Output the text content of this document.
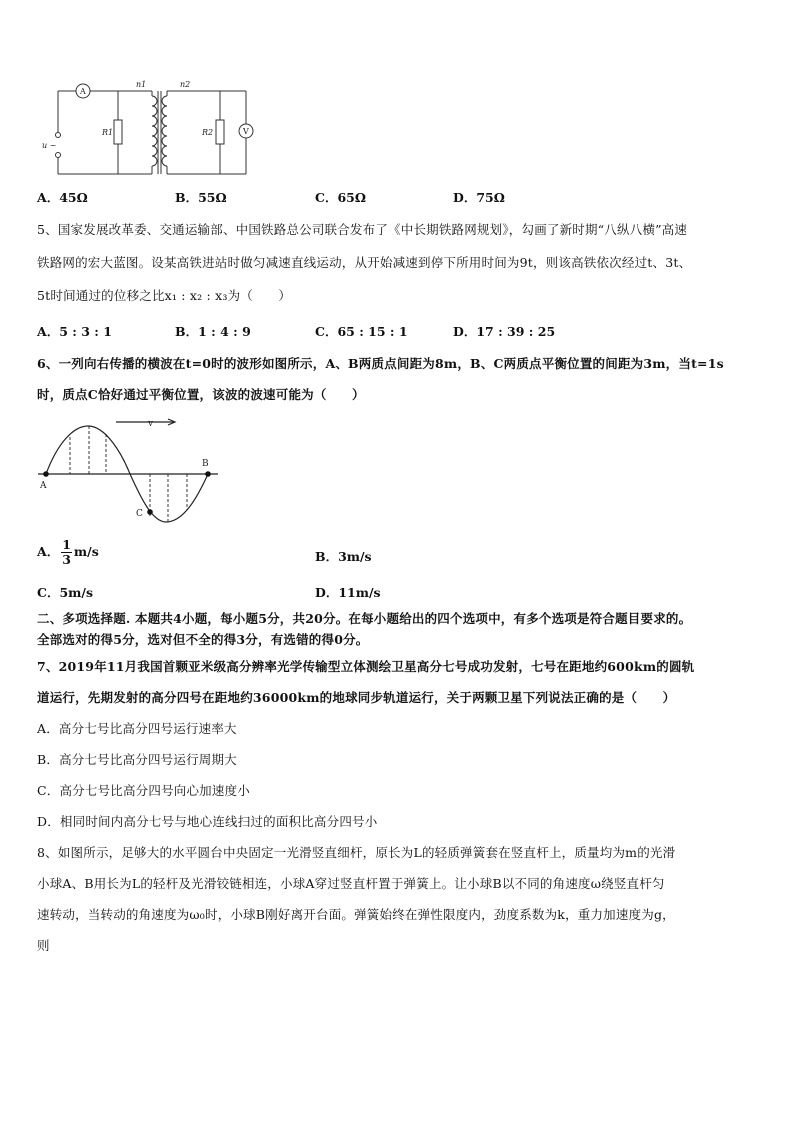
A
V
n1	n2
R1	R2
u ~
A．45Ω	B．55Ω	C．65Ω	D．75Ω
5、国家发展改革委、交通运输部、中国铁路总公司联合发布了《中长期铁路网规划》，勾画了新时期“八纵八横”高速
铁路网的宏大蓝图。设某高铁进站时做匀减速直线运动，从开始减速到停下所用时间为9t，则该高铁依次经过t、3t、
5t时间通过的位移之比x₁ : x₂ : x₃为（　　）
A．5 : 3 : 1	B．1 : 4 : 9	C．65 : 15 : 1	D．17 : 39 : 25
6、一列向右传播的横波在t=0时的波形如图所示，A、B两质点间距为8m，B、C两质点平衡位置的间距为3m，当t=1s
时，质点C恰好通过平衡位置，该波的波速可能为（　　）
v
A
B
C
A． $\frac{1}{3} m/s$	B．3m/s
C．5m/s	D．11m/s
二、多项选择题. 本题共4小题，每小题5分，共20分。在每小题给出的四个选项中，有多个选项是符合题目要求的。
全部选对的得5分，选对但不全的得3分，有选错的得0分。
7、2019年11月我国首颗亚米级高分辨率光学传输型立体测绘卫星高分七号成功发射，七号在距地约600km的圆轨
道运行，先期发射的高分四号在距地约36000km的地球同步轨道运行，关于两颗卫星下列说法正确的是（　　）
A．高分七号比高分四号运行速率大
B．高分七号比高分四号运行周期大
C．高分七号比高分四号向心加速度小
D．相同时间内高分七号与地心连线扫过的面积比高分四号小
8、如图所示，足够大的水平圆台中央固定一光滑竖直细杆，原长为L的轻质弹簧套在竖直杆上，质量均为m的光滑
小球A、B用长为L的轻杆及光滑铰链相连，小球A穿过竖直杆置于弹簧上。让小球B以不同的角速度ω绕竖直杆匀
速转动，当转动的角速度为ω₀时，小球B刚好离开台面。弹簧始终在弹性限度内，劲度系数为k，重力加速度为g，
则
